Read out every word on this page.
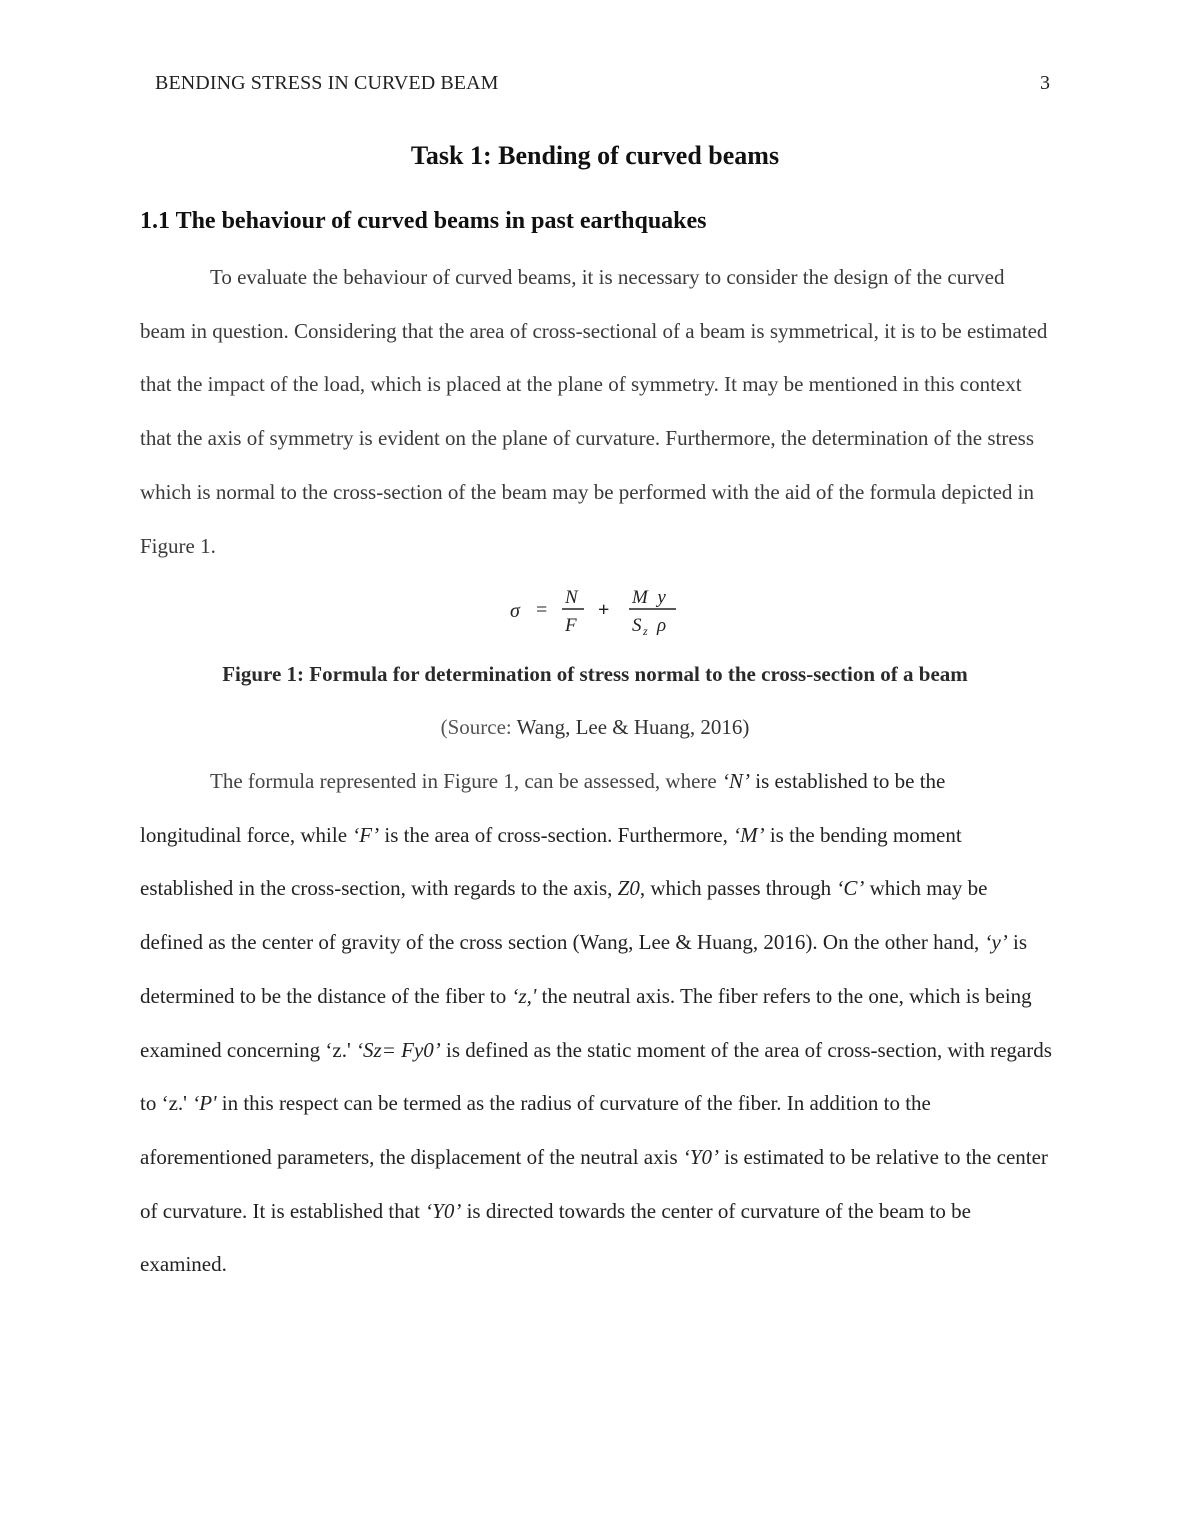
BENDING STRESS IN CURVED BEAM	3
Task 1: Bending of curved beams
1.1 The behaviour of curved beams in past earthquakes

To evaluate the behaviour of curved beams, it is necessary to consider the design of the curved beam in question. Considering that the area of cross-sectional of a beam is symmetrical, it is to be estimated that the impact of the load, which is placed at the plane of symmetry. It may be mentioned in this context that the axis of symmetry is evident on the plane of curvature. Furthermore, the determination of the stress which is normal to the cross-section of the beam may be performed with the aid of the formula depicted in Figure 1.

σ =
N
F
+
M  y
S z ρ
Figure 1: Formula for determination of stress normal to the cross-section of a beam
(Source: Wang, Lee & Huang, 2016)

The formula represented in Figure 1, can be assessed, where ‘N’ is established to be the longitudinal force, while ‘F’ is the area of cross-section. Furthermore, ‘M’ is the bending moment established in the cross-section, with regards to the axis, Z0, which passes through ‘C’ which may be defined as the center of gravity of the cross section (Wang, Lee & Huang, 2016). On the other hand, ‘y’ is determined to be the distance of the fiber to ‘z,' the neutral axis. The fiber refers to the one, which is being examined concerning ‘z.' ‘Sz= Fy0’ is defined as the static moment of the area of cross-section, with regards to ‘z.' ‘P' in this respect can be termed as the radius of curvature of the fiber. In addition to the aforementioned parameters, the displacement of the neutral axis ‘Y0’ is estimated to be relative to the center of curvature. It is established that ‘Y0’ is directed towards the center of curvature of the beam to be examined.
